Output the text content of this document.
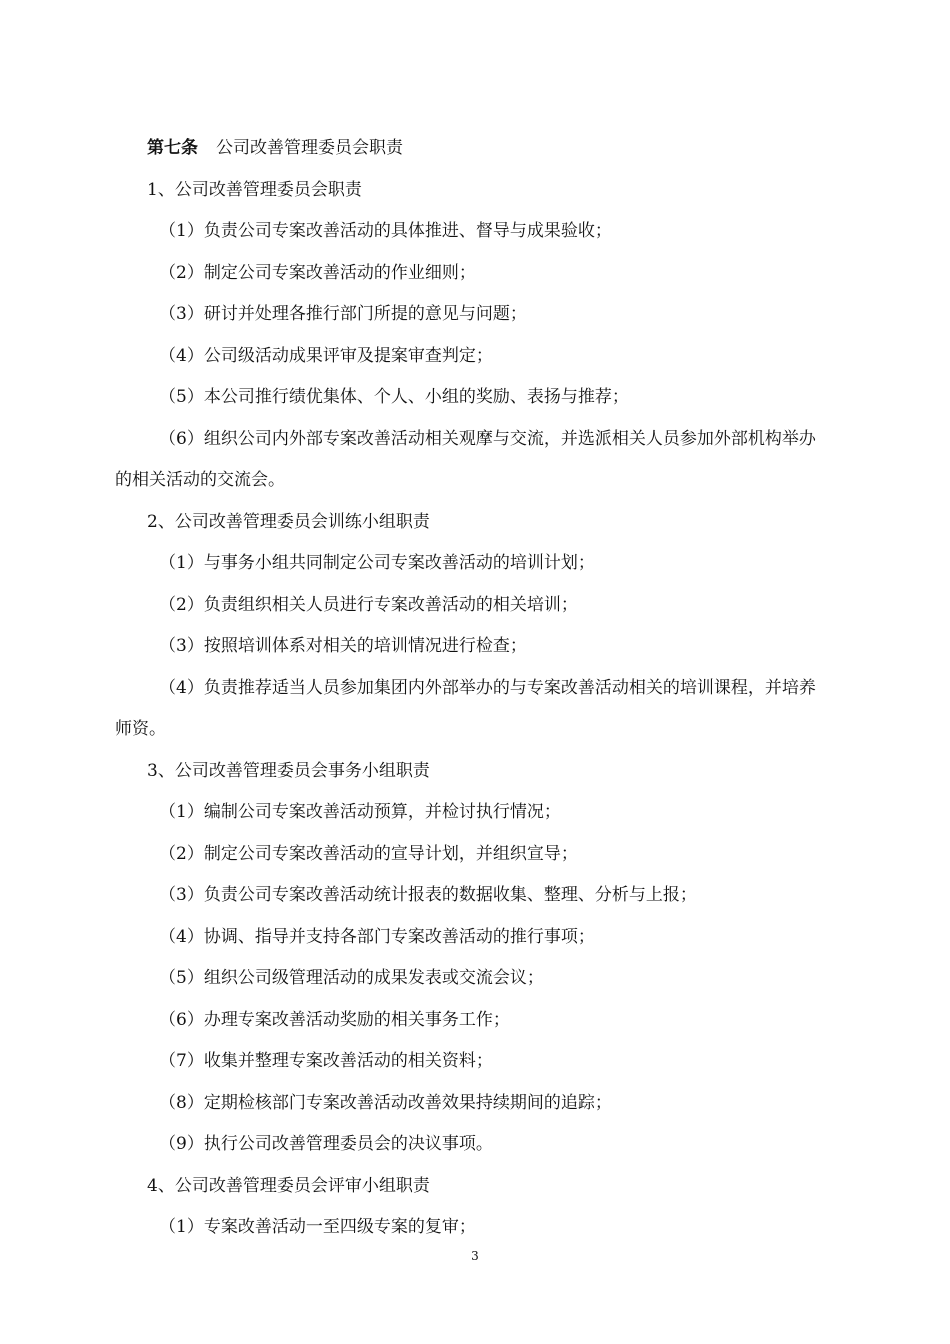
第七条 公司改善管理委员会职责
1、公司改善管理委员会职责
（1）负责公司专案改善活动的具体推进、督导与成果验收；
（2）制定公司专案改善活动的作业细则；
（3）研讨并处理各推行部门所提的意见与问题；
（4）公司级活动成果评审及提案审查判定；
（5）本公司推行绩优集体、个人、小组的奖励、表扬与推荐；
（6）组织公司内外部专案改善活动相关观摩与交流，并选派相关人员参加外部机构举办
的相关活动的交流会。
2、公司改善管理委员会训练小组职责
（1）与事务小组共同制定公司专案改善活动的培训计划；
（2）负责组织相关人员进行专案改善活动的相关培训；
（3）按照培训体系对相关的培训情况进行检查；
（4）负责推荐适当人员参加集团内外部举办的与专案改善活动相关的培训课程，并培养
师资。
3、公司改善管理委员会事务小组职责
（1）编制公司专案改善活动预算，并检讨执行情况；
（2）制定公司专案改善活动的宣导计划，并组织宣导；
（3）负责公司专案改善活动统计报表的数据收集、整理、分析与上报；
（4）协调、指导并支持各部门专案改善活动的推行事项；
（5）组织公司级管理活动的成果发表或交流会议；
（6）办理专案改善活动奖励的相关事务工作；
（7）收集并整理专案改善活动的相关资料；
（8）定期检核部门专案改善活动改善效果持续期间的追踪；
（9）执行公司改善管理委员会的决议事项。
4、公司改善管理委员会评审小组职责
（1）专案改善活动一至四级专案的复审；
3
